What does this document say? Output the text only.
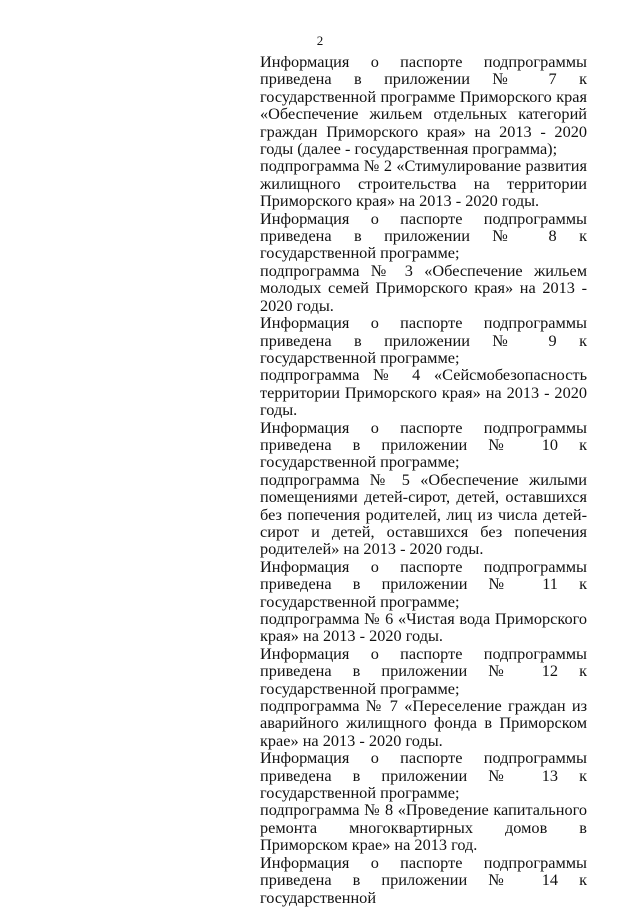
2

Информация о паспорте подпрограммы приведена в приложении № 7 к государственной программе Приморского края «Обеспечение жильем отдельных категорий граждан Приморского края» на 2013 - 2020 годы (далее - государственная программа);

подпрограмма № 2 «Стимулирование развития жилищного строительства на территории Приморского края» на 2013 - 2020 годы.

Информация о паспорте подпрограммы приведена в приложении № 8 к государственной программе;

подпрограмма № 3 «Обеспечение жильем молодых семей Приморского края» на 2013 - 2020 годы.

Информация о паспорте подпрограммы приведена в приложении № 9 к государственной программе;

подпрограмма № 4 «Сейсмобезопасность территории Приморского края» на 2013 - 2020 годы.

Информация о паспорте подпрограммы приведена в приложении № 10 к государственной программе;

подпрограмма № 5 «Обеспечение жилыми помещениями детей-сирот, детей, оставшихся без попечения родителей, лиц из числа детей-сирот и детей, оставшихся без попечения родителей» на 2013 - 2020 годы.

Информация о паспорте подпрограммы приведена в приложении № 11 к государственной программе;

подпрограмма № 6 «Чистая вода Приморского края» на 2013 - 2020 годы.

Информация о паспорте подпрограммы приведена в приложении № 12 к государственной программе;

подпрограмма № 7 «Переселение граждан из аварийного жилищного фонда в Приморском крае» на 2013 - 2020 годы.

Информация о паспорте подпрограммы приведена в приложении № 13 к государственной программе;

подпрограмма № 8 «Проведение капитального ремонта многоквартирных домов в Приморском крае» на 2013 год.

Информация о паспорте подпрограммы приведена в приложении № 14 к государственной
